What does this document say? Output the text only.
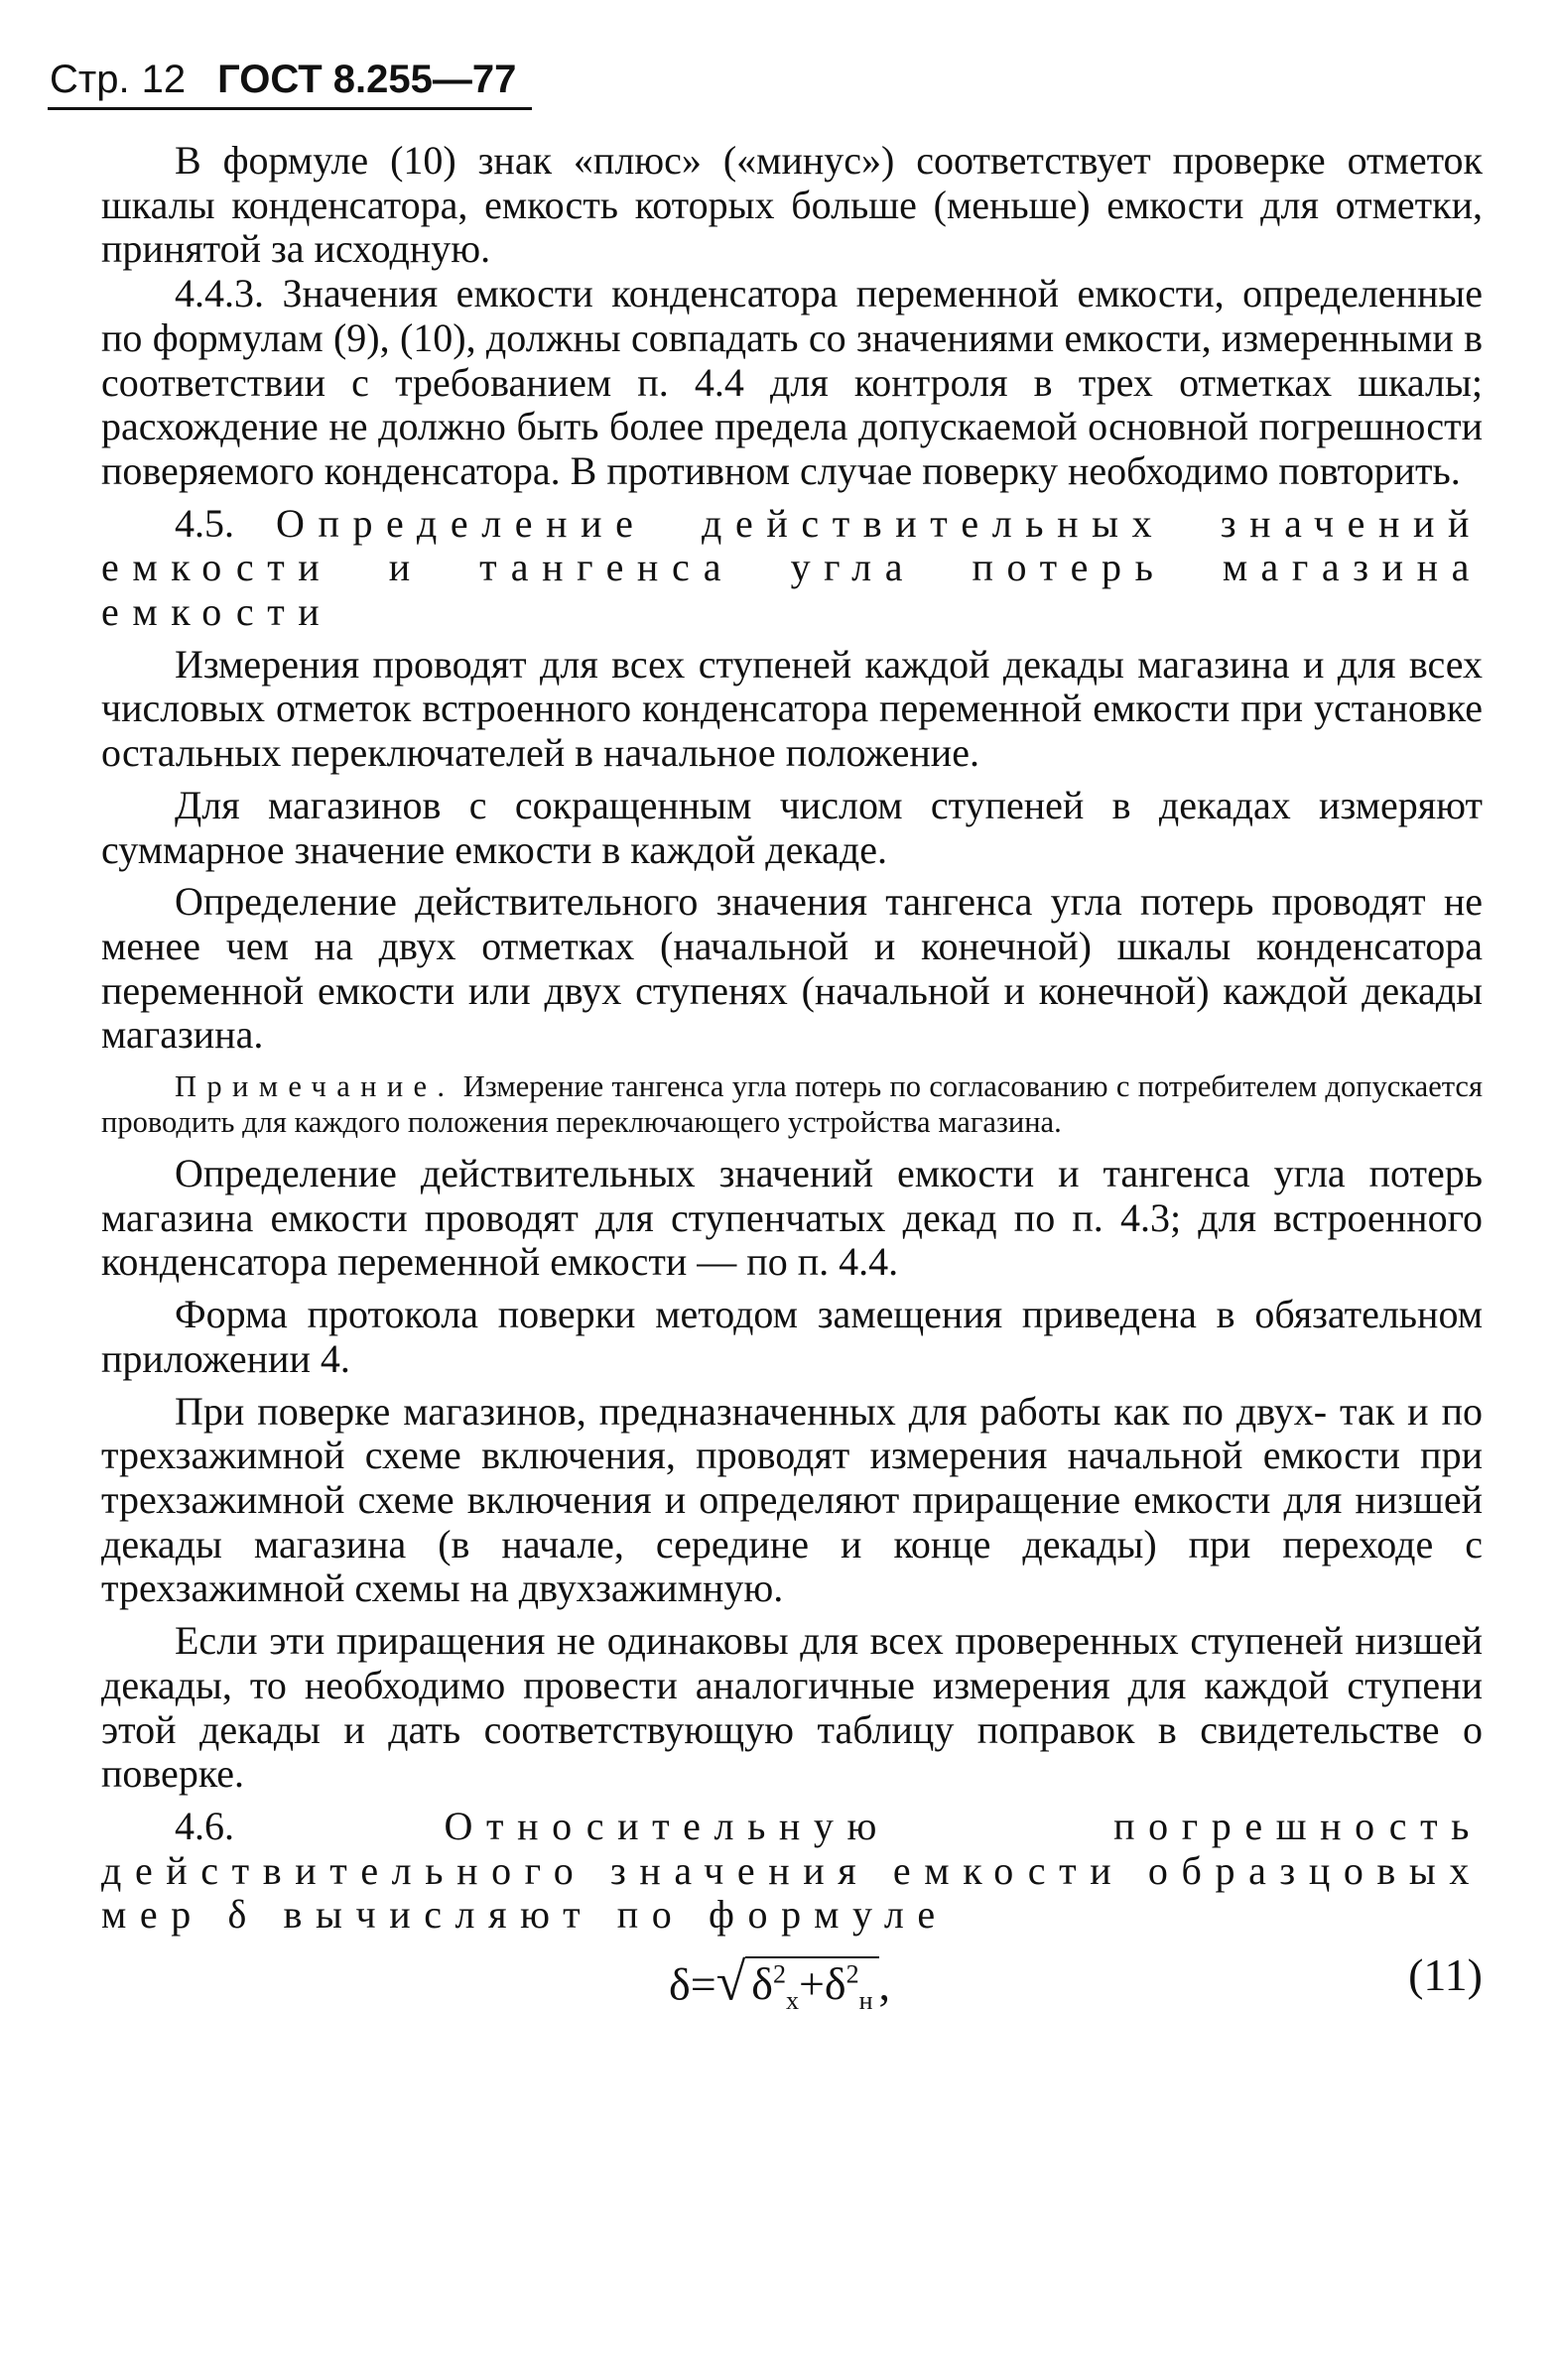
Стр. 12 ГОСТ 8.255—77

В формуле (10) знак «плюс» («минус») соответствует проверке отметок шкалы конденсатора, емкость которых больше (меньше) емкости для отметки, принятой за исходную.

4.4.3. Значения емкости конденсатора переменной емкости, определенные по формулам (9), (10), должны совпадать со значениями емкости, измеренными в соответствии с требованием п. 4.4 для контроля в трех отметках шкалы; расхождение не должно быть более предела допускаемой основной погрешности поверяемого конденсатора. В противном случае поверку необходимо повторить.

4.5. Определение действительных значений емкости и тангенса угла потерь магазина емкости

Измерения проводят для всех ступеней каждой декады магазина и для всех числовых отметок встроенного конденсатора переменной емкости при установке остальных переключателей в начальное положение.

Для магазинов с сокращенным числом ступеней в декадах измеряют суммарное значение емкости в каждой декаде.

Определение действительного значения тангенса угла потерь проводят не менее чем на двух отметках (начальной и конечной) шкалы конденсатора переменной емкости или двух ступенях (начальной и конечной) каждой декады магазина.

Примечание. Измерение тангенса угла потерь по согласованию с потребителем допускается проводить для каждого положения переключающего устройства магазина.

Определение действительных значений емкости и тангенса угла потерь магазина емкости проводят для ступенчатых декад по п. 4.3; для встроенного конденсатора переменной емкости — по п. 4.4.

Форма протокола поверки методом замещения приведена в обязательном приложении 4.

При поверке магазинов, предназначенных для работы как по двух- так и по трехзажимной схеме включения, проводят измерения начальной емкости при трехзажимной схеме включения и определяют приращение емкости для низшей декады магазина (в начале, середине и конце декады) при переходе с трехзажимной схемы на двухзажимную.

Если эти приращения не одинаковы для всех проверенных ступеней низшей декады, то необходимо провести аналогичные измерения для каждой ступени этой декады и дать соответствующую таблицу поправок в свидетельстве о поверке.

4.6.	Относительную погрешность действительного значения емкости образцовых мер δ вычисляют по формуле

δ=√ $\delta^2_x+\delta^2_н$ ,	(11)
